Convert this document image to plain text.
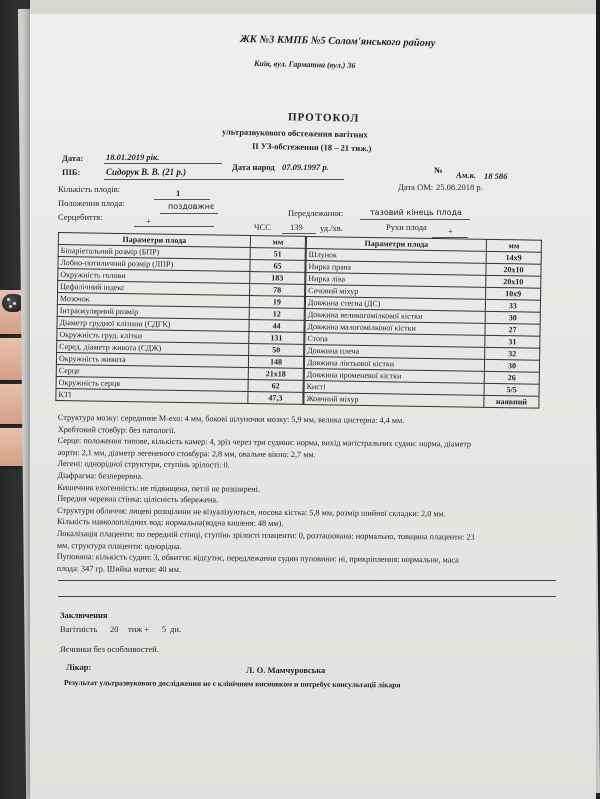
ЖК №3 КМПБ №5 Солом'янського району
Київ, вул. Гарматна (вул.) 36
ПРОТОКОЛ
ультразвукового обстеження вагітних
II УЗ-обстеження (18 – 21 тиж.)
Дата:	18.01.2019 рік.
Дата народ 07.09.1997 р.
ПІБ:	Сидорук В. В. (21 р.)	№ Ам.к. 18 586
Дата ОМ: 25.08.2018 р.
Кількість плодів:	1
Положення плода:	поздовжнє
Передлежання:	тазовий кінець плода
Серцебиття:	+
ЧСС 139 уд./хв.	Рухи плода +
Параметри плода	мм
Біпаріетальний розмір (БПР)	51
Лобно-потиличний розмір (ЛПР)	65
Окружність голови	183
Цефалічний індекс	78
Мозочок	19
Інтраокулярний розмір	12
Діаметр грудної клітини (СДГК)	44
Окружність груд. клітки	131
Серед. діаметр живота (СДЖ)	50
Окружність живота	148
Серце	21x18
Окружність серця	62
КТІ	47,3
Параметри плода	мм
Шлунок	14x9
Нирка права	20x10
Нирка ліва	20x10
Сечовий міхур	10x9
Довжина стегна (ДС)	33
Довжина великогомілкової кістки	30
Довжина малогомілкової кістки	27
Стопа	31
Довжина плеча	32
Довжина ліктьової кістки	30
Довжина променевої кістки	26
Кисті	5/5
Жовчний міхур	наявний
Структура мозку: серединне М-ехо: 4 мм, бокові шлуночки мозку: 5,9 мм, велика цистерна: 4,4 мм.
Хребтовий стовбур: без патології.
Серце: положення типове, кількість камер: 4, зріз через три судини: норма, вихід магістральних судин: норма, діаметр
аорти: 2,1 мм, діаметр легеневого стовбура: 2,8 мм, овальне вікно: 2,7 мм.
Легені: однорідної структури, ступінь зрілості: 0.
Діафрагма: безперервна.
Кишечник ехогенність: не підвищена, петлі не розширені.
Передня черевна стінка: цілісність збережена.
Структури обличчя: лицеві розщілини не візуалізуються, носова кістка: 5,8 мм, розмір шийної складки: 2,0 мм.
Кількість навколоплідних вод: нормальна(водна кишеня: 48 мм).
Локалізація плаценти: по передній стінці, ступінь зрілості плаценти: 0, розташована: нормально, товщина плаценти: 23
мм, структура плаценти: однорідна.
Пуповина: кількість судин: 3, обвиття: відсутнє, передлежання судин пуповини: ні, прикріплення: нормальне, маса
плода: 347 гр. Шийка матки: 40 мм.
Заключення
Вагітність 20 тиж + 5 дн.
Яєчники без особливостей.
Лікар:	Л. О. Мамчуровська
Результат ультразвукового дослідження не є клінічним висновком и потребує консультації лікаря
